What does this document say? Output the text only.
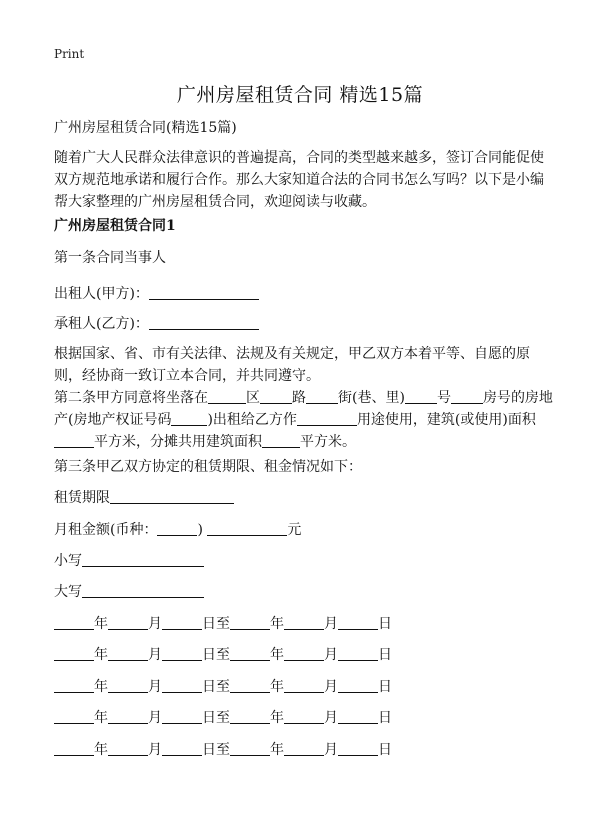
Print
广州房屋租赁合同 精选15篇
广州房屋租赁合同(精选15篇)
随着广大人民群众法律意识的普遍提高，合同的类型越来越多，签订合同能促使双方规范地承诺和履行合作。那么大家知道合法的合同书怎么写吗？以下是小编帮大家整理的广州房屋租赁合同，欢迎阅读与收藏。
广州房屋租赁合同1
第一条合同当事人
出租人(甲方)：
承租人(乙方)：
根据国家、省、市有关法律、法规及有关规定，甲乙双方本着平等、自愿的原则，经协商一致订立本合同，并共同遵守。
第二条甲方同意将坐落在	区 路 街(巷、里) 号 房号的房地产(房地产权证号码	)出租给乙方作	用途使用，建筑(或使用)面积平方米，分摊共用建筑面积	平方米。
第三条甲乙双方协定的租赁期限、租金情况如下：
租赁期限
月租金额(币种：	)	元
小写
大写
年	月	日至	年	月	日
年	月	日至	年	月	日
年	月	日至	年	月	日
年	月	日至	年	月	日
年	月	日至	年	月	日
